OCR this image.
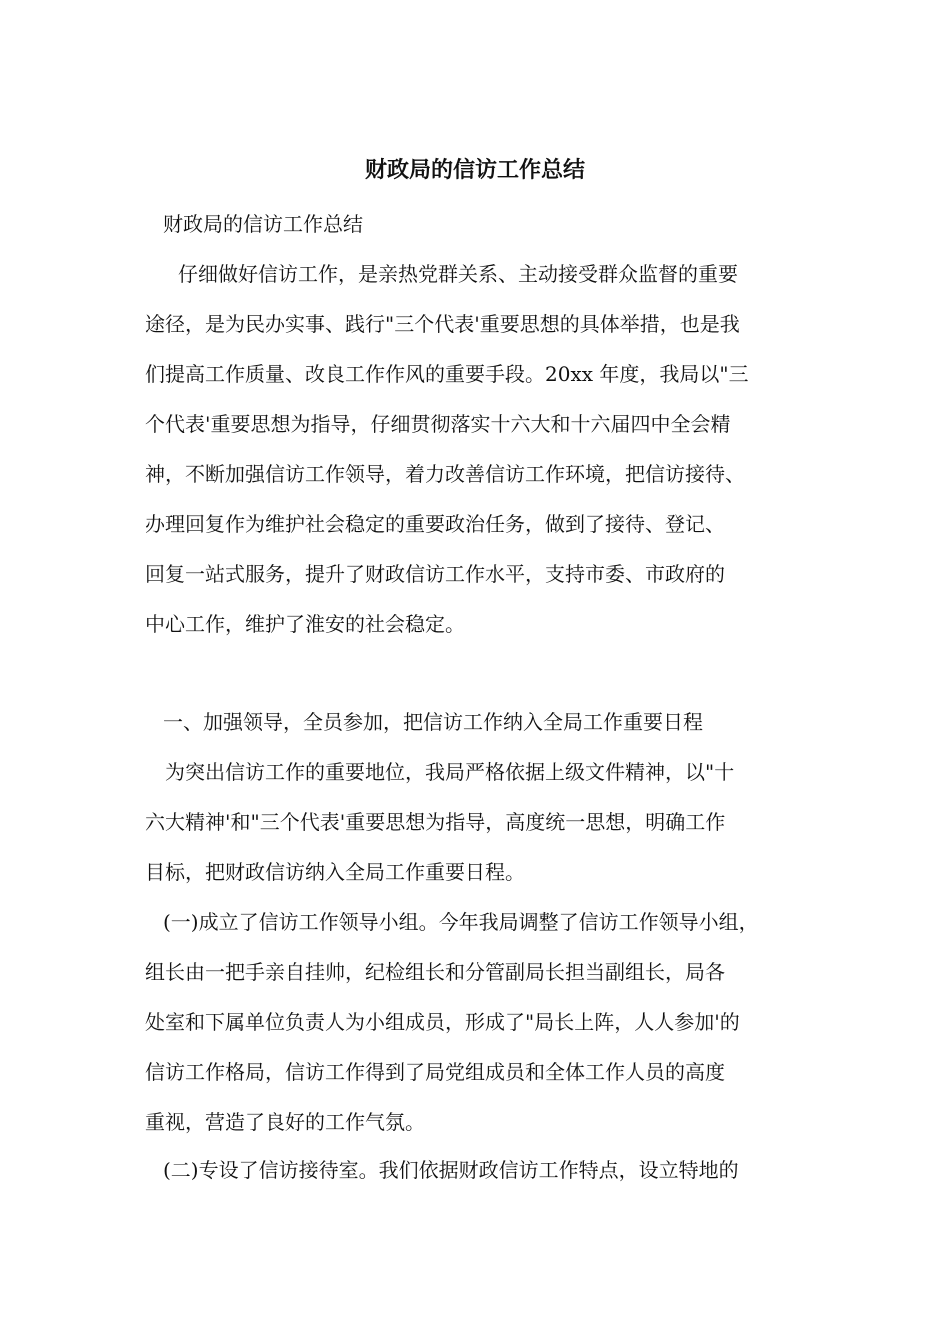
财政局的信访工作总结

财政局的信访工作总结

仔细做好信访工作，是亲热党群关系、主动接受群众监督的重要
途径，是为民办实事、践行"三个代表'重要思想的具体举措，也是我
们提高工作质量、改良工作作风的重要手段。20xx 年度，我局以"三
个代表'重要思想为指导，仔细贯彻落实十六大和十六届四中全会精
神，不断加强信访工作领导，着力改善信访工作环境，把信访接待、
办理回复作为维护社会稳定的重要政治任务，做到了接待、登记、
回复一站式服务，提升了财政信访工作水平，支持市委、市政府的
中心工作，维护了淮安的社会稳定。

一、加强领导，全员参加，把信访工作纳入全局工作重要日程

为突出信访工作的重要地位，我局严格依据上级文件精神，以"十
六大精神'和"三个代表'重要思想为指导，高度统一思想，明确工作
目标，把财政信访纳入全局工作重要日程。

(一)成立了信访工作领导小组。今年我局调整了信访工作领导小组，
组长由一把手亲自挂帅，纪检组长和分管副局长担当副组长，局各
处室和下属单位负责人为小组成员，形成了"局长上阵，人人参加'的
信访工作格局，信访工作得到了局党组成员和全体工作人员的高度
重视，营造了良好的工作气氛。

(二)专设了信访接待室。我们依据财政信访工作特点，设立特地的
